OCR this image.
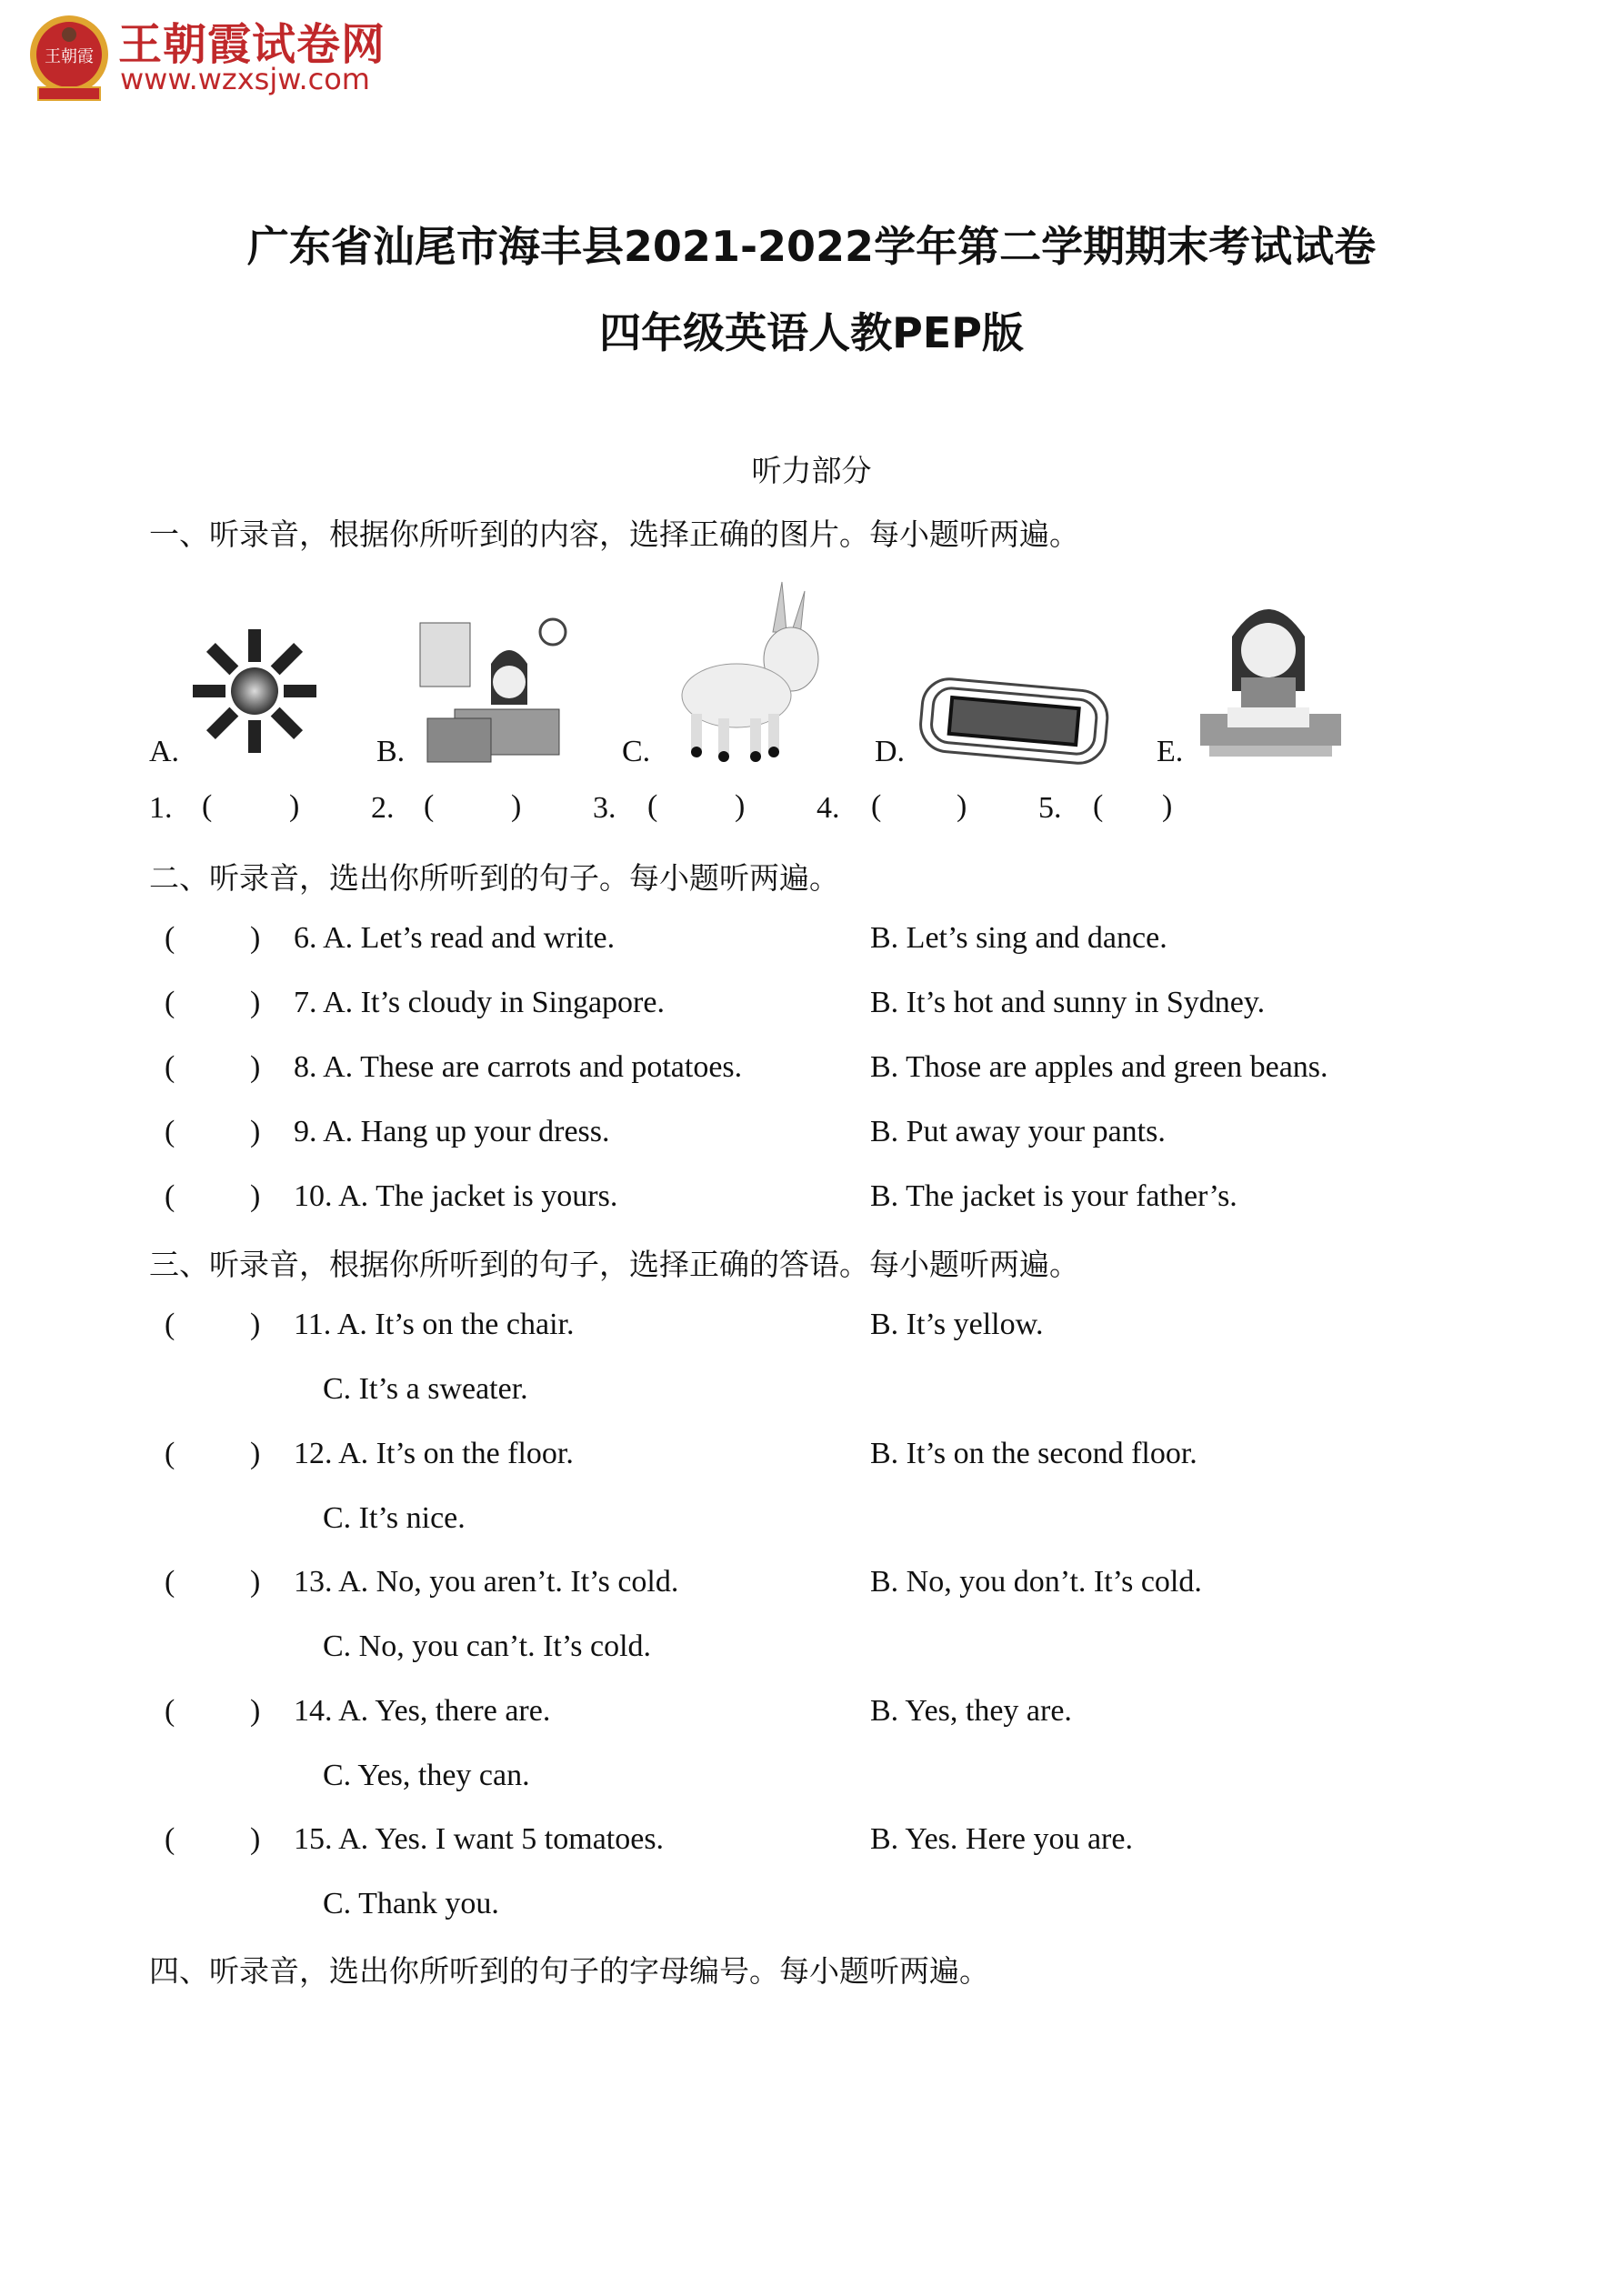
王朝霞 王朝霞试卷网
www.wzxsjw.com
广东省汕尾市海丰县2021-2022学年第二学期期末考试试卷
四年级英语人教PEP版
听力部分
一、听录音，根据你所听到的内容，选择正确的图片。每小题听两遍。
A.	B.	C.	D.	E.
1. ( ) 2. ( ) 3. ( ) 4. ( ) 5. ( )
二、听录音，选出你所听到的句子。每小题听两遍。
( ) 6. A. Let’s read and write.	B. Let’s sing and dance.
( ) 7. A. It’s cloudy in Singapore.	B. It’s hot and sunny in Sydney.
( ) 8. A. These are carrots and potatoes.	B. Those are apples and green beans.
( ) 9. A. Hang up your dress.	B. Put away your pants.
( ) 10. A. The jacket is yours.	B. The jacket is your father’s.
三、听录音，根据你所听到的句子，选择正确的答语。每小题听两遍。
( ) 11. A. It’s on the chair.	B. It’s yellow.
C. It’s a sweater.
( ) 12. A. It’s on the floor.	B. It’s on the second floor.
C. It’s nice.
( ) 13. A. No, you aren’t. It’s cold.	B. No, you don’t. It’s cold.
C. No, you can’t. It’s cold.
( ) 14. A. Yes, there are.	B. Yes, they are.
C. Yes, they can.
( ) 15. A. Yes. I want 5 tomatoes.	B. Yes. Here you are.
C. Thank you.
四、听录音，选出你所听到的句子的字母编号。每小题听两遍。
